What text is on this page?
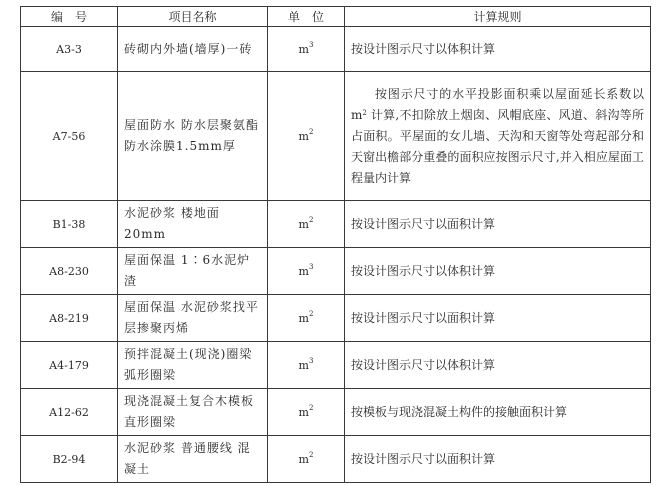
编　号	项目名称	单　位	计算规则
A3-3	砖砌内外墙(墙厚)一砖	$m^3$	按设计图示尺寸以体积计算
A7-56	屋面防水 防水层聚氨酯防水涂膜1.5mm厚	$m^2$	按图示尺寸的水平投影面积乘以屋面延长系数以 $m^2$ 计算,不扣除放上烟囱、风帽底座、风道、斜沟等所占面积。平屋面的女儿墙、天沟和天窗等处弯起部分和天窗出檐部分重叠的面积应按图示尺寸,并入相应屋面工程量内计算

B1-38	水泥砂浆 楼地面 20mm	$m^2$	按设计图示尺寸以面积计算
A8-230	屋面保温 1∶6水泥炉渣	$m^3$	按设计图示尺寸以体积计算
A8-219	屋面保温 水泥砂浆找平层掺聚丙烯	$m^2$	按设计图示尺寸以面积计算
A4-179	预拌混凝土(现浇)圈梁弧形圈梁	$m^3$	按设计图示尺寸以体积计算
A12-62	现浇混凝土复合木模板 直形圈梁	$m^2$	按模板与现浇混凝土构件的接触面积计算
B2-94	水泥砂浆 普通腰线 混凝土	$m^2$	按设计图示尺寸以面积计算
